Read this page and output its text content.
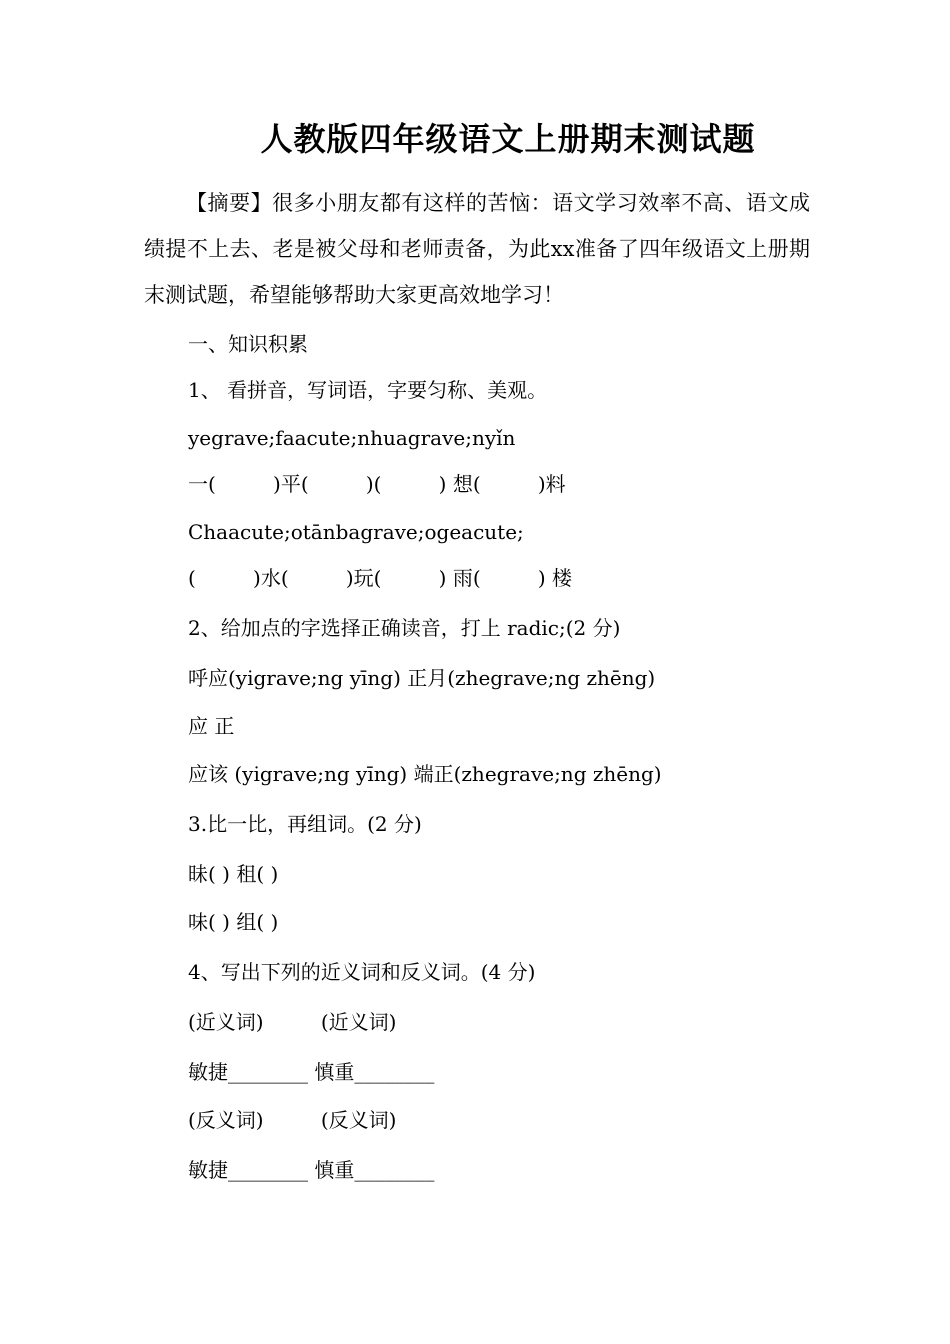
人教版四年级语文上册期末测试题
【摘要】很多小朋友都有这样的苦恼：语文学习效率不高、语文成绩提不上去、老是被父母和老师责备，为此xx准备了四年级语文上册期末测试题，希望能够帮助大家更高效地学习！
一、知识积累
1、 看拼音，写词语，字要匀称、美观。
yegrave;faacute;nhuagrave;nyǐn
一(         )平(         )(         ) 想(         )料
Chaacute;otānbagrave;ogeacute;
(         )水(         )玩(         ) 雨(         ) 楼
2、给加点的字选择正确读音，打上 radic;(2 分)
呼应(yigrave;ng yīng) 正月(zhegrave;ng zhēng)
应 正
应该 (yigrave;ng yīng) 端正(zhegrave;ng zhēng)
3.比一比，再组词。(2 分)
昧( ) 租( )
味( ) 组( )
4、写出下列的近义词和反义词。(4 分)
(近义词)         (近义词)
敏捷________ 慎重________
(反义词)         (反义词)
敏捷________ 慎重________
